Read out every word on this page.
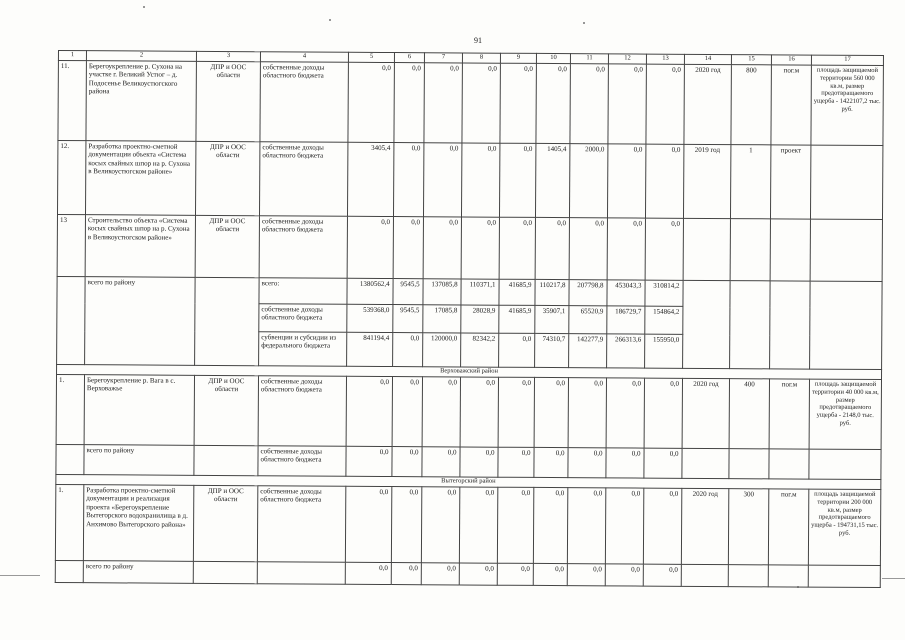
91
1	2	3	4	5	6	7	8	9	10	11	12	13	14	15	16	17
11.	Берегоукрепление р. Сухона на участке г. Великий Устюг – д. Подосенье Великоустюгского района	ДПР и ООС области	собственные доходы областного бюджета	0,0	0,0	0,0	0,0	0,0	0,0	0,0	0,0	0,0	2020 год	800	пог.м	площадь защищаемой территории 560 000 кв.м, размер предотвращаемого ущерба - 1422107,2 тыс. руб.
12.	Разработка проектно-сметной документации объекта «Система косых свайных шпор на р. Сухона в Великоустюгском районе»	ДПР и ООС области	собственные доходы областного бюджета	3405,4	0,0	0,0	0,0	0,0	1405,4	2000,0	0,0	0,0	2019 год	1	проект	
13	Строительство объекта «Система косых свайных шпор на р. Сухона в Великоустюгском районе»	ДПР и ООС области	собственные доходы областного бюджета	0,0	0,0	0,0	0,0	0,0	0,0	0,0	0,0	0,0				
	всего по району		всего:	1380562,4	9545,5	137085,8	110371,1	41685,9	110217,8	207798,8	453043,3	310814,2				
			собственные доходы областного бюджета	539368,0	9545,5	17085,8	28028,9	41685,9	35907,1	65520,9	186729,7	154864,2				
			субвенции и субсидии из федерального бюджета	841194,4	0,0	120000,0	82342,2	0,0	74310,7	142277,9	266313,6	155950,0				
Верховажский район																
1.	Берегоукрепление р. Вага в с. Верховажье	ДПР и ООС области	собственные доходы областного бюджета	0,0	0,0	0,0	0,0	0,0	0,0	0,0	0,0	0,0	2020 год	400	пог.м	площадь защищаемой территории 40 000 кв.м, размер предотвращаемого ущерба - 2148,0 тыс. руб.
	всего по району		собственные доходы областного бюджета	0,0	0,0	0,0	0,0	0,0	0,0	0,0	0,0	0,0				
Вытегорский район																
1.	Разработка проектно-сметной документации и реализация проекта «Берегоукрепление Вытегорского водохранилища в д. Анхимово Вытегорского района»	ДПР и ООС области	собственные доходы областного бюджета	0,0	0,0	0,0	0,0	0,0	0,0	0,0	0,0	0,0	2020 год	300	пог.м	площадь защищаемой территории 200 000 кв.м, размер предотвращаемого ущерба - 194731,15 тыс. руб.
	всего по району			0,0	0,0	0,0	0,0	0,0	0,0	0,0	0,0	0,0				
